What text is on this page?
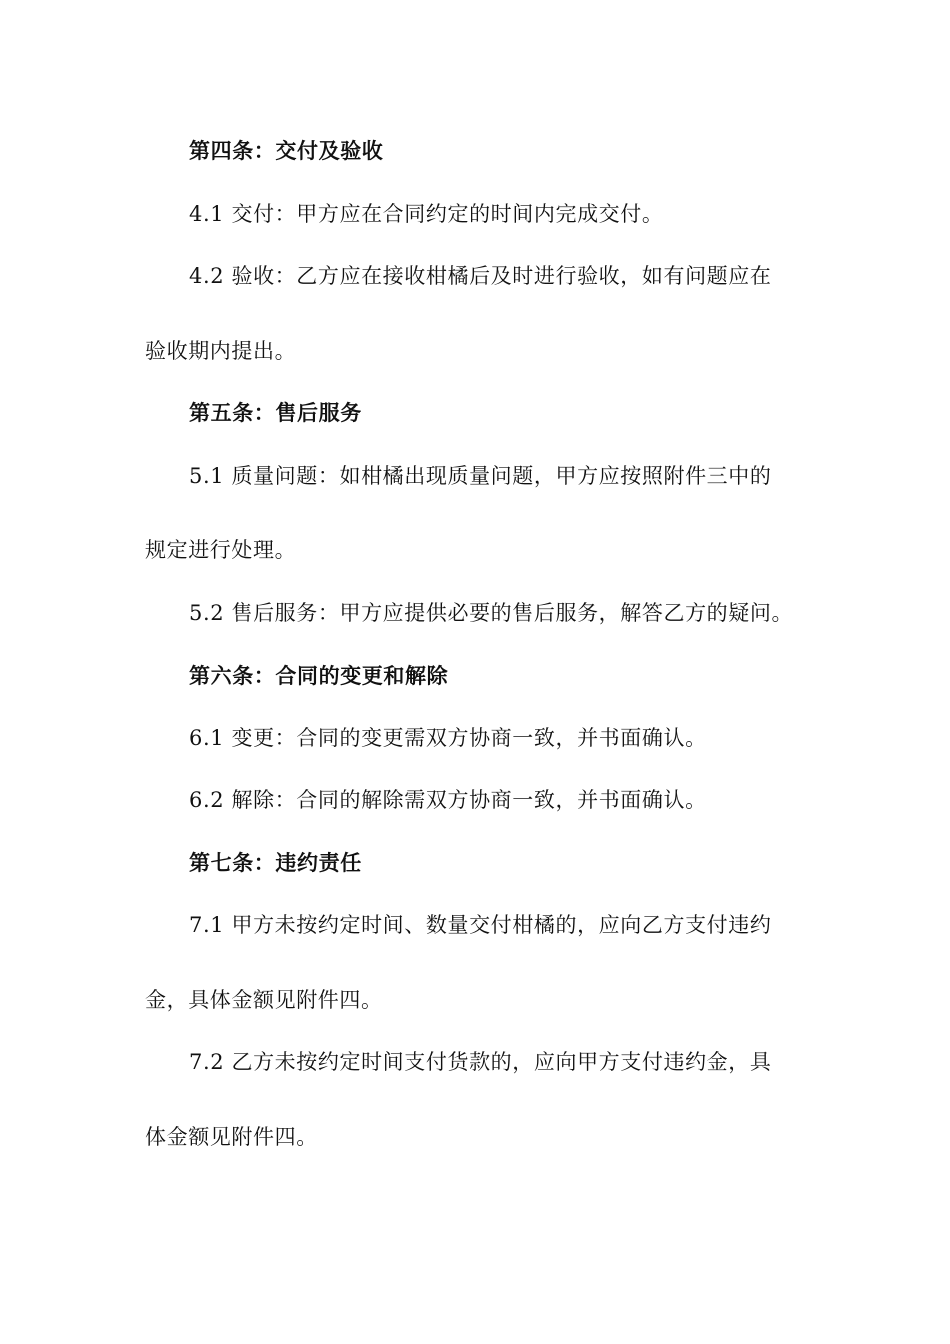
第四条：交付及验收
4.1 交付：甲方应在合同约定的时间内完成交付。
4.2 验收：乙方应在接收柑橘后及时进行验收，如有问题应在
验收期内提出。
第五条：售后服务
5.1 质量问题：如柑橘出现质量问题，甲方应按照附件三中的
规定进行处理。
5.2 售后服务：甲方应提供必要的售后服务，解答乙方的疑问。
第六条：合同的变更和解除
6.1 变更：合同的变更需双方协商一致，并书面确认。
6.2 解除：合同的解除需双方协商一致，并书面确认。
第七条：违约责任
7.1 甲方未按约定时间、数量交付柑橘的，应向乙方支付违约
金，具体金额见附件四。
7.2 乙方未按约定时间支付货款的，应向甲方支付违约金，具
体金额见附件四。
